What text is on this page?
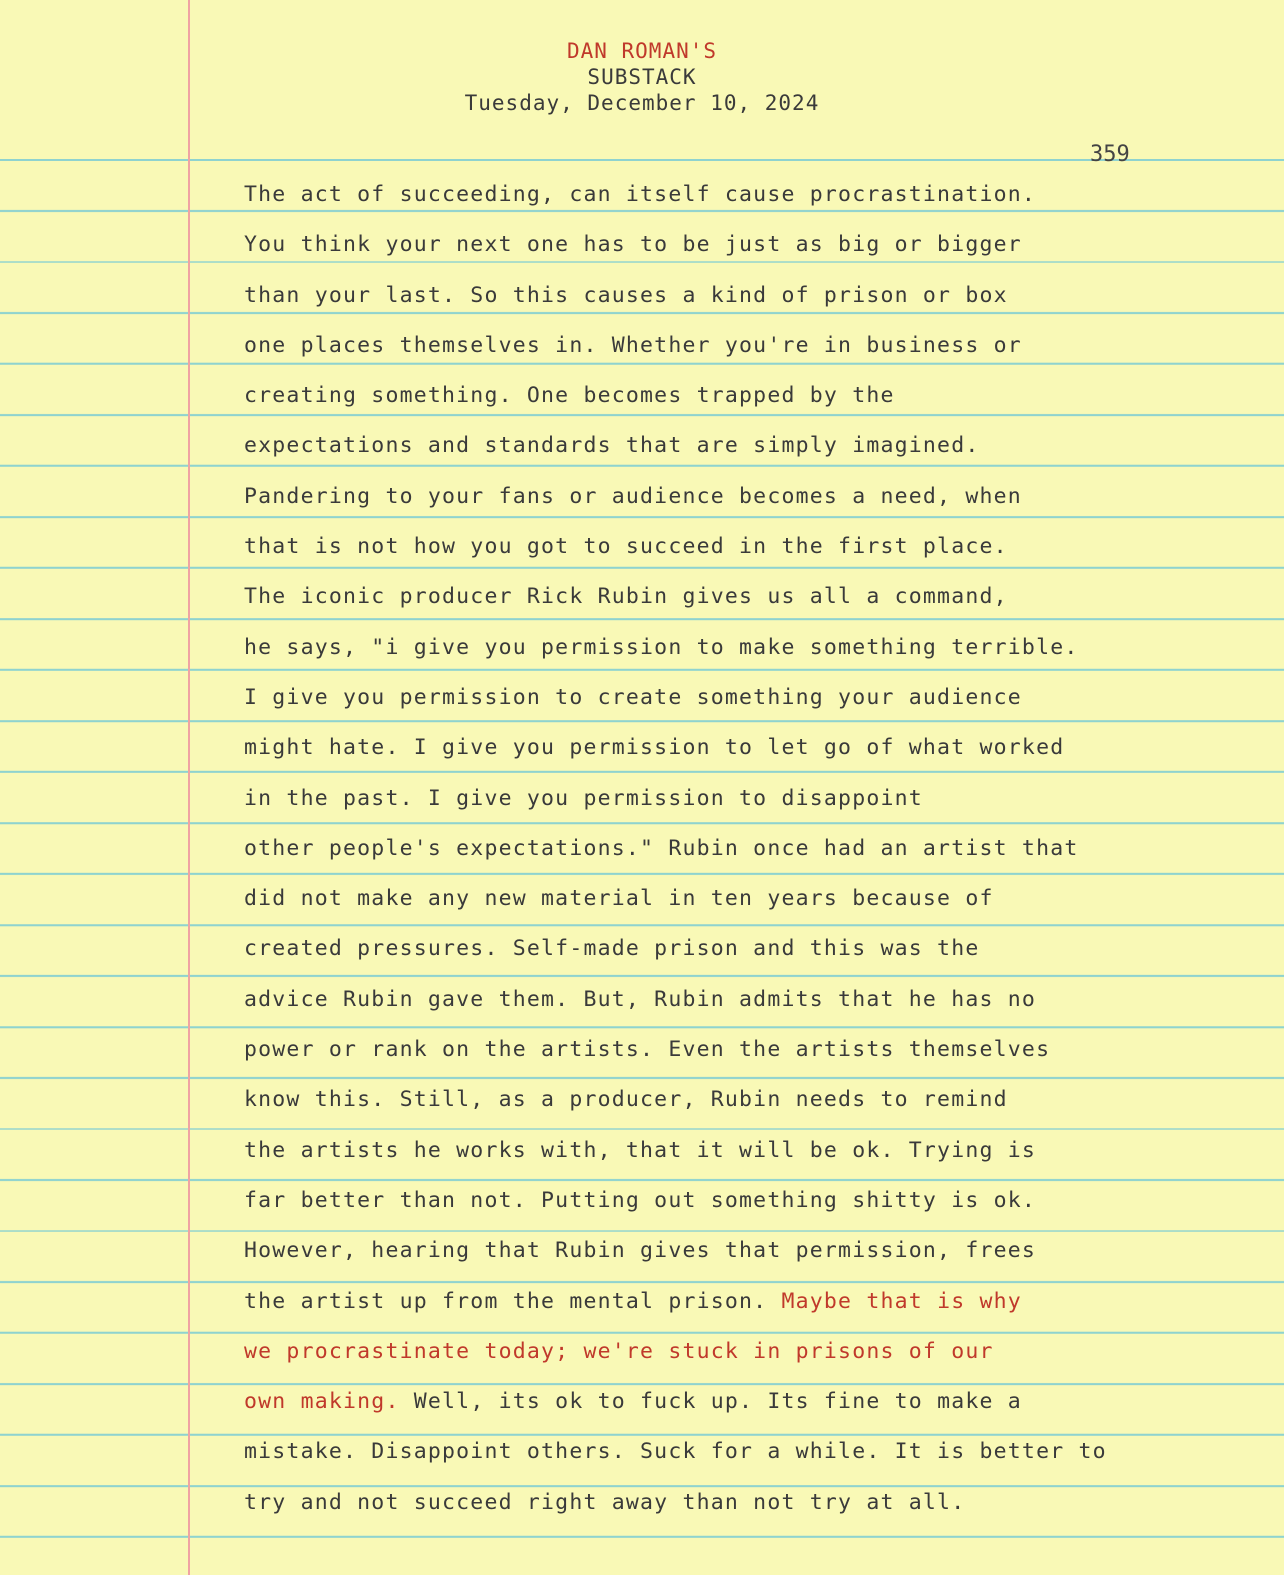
DAN ROMAN'S
SUBSTACK
Tuesday, December 10, 2024
359
The act of succeeding, can itself cause procrastination.
You think your next one has to be just as big or bigger
than your last. So this causes a kind of prison or box
one places themselves in. Whether you're in business or
creating something. One becomes trapped by the
expectations and standards that are simply imagined.
Pandering to your fans or audience becomes a need, when
that is not how you got to succeed in the first place.
The iconic producer Rick Rubin gives us all a command,
he says, "i give you permission to make something terrible.
I give you permission to create something your audience
might hate. I give you permission to let go of what worked
in the past. I give you permission to disappoint
other people's expectations." Rubin once had an artist that
did not make any new material in ten years because of
created pressures. Self-made prison and this was the
advice Rubin gave them. But, Rubin admits that he has no
power or rank on the artists. Even the artists themselves
know this. Still, as a producer, Rubin needs to remind
the artists he works with, that it will be ok. Trying is
far better than not. Putting out something shitty is ok.
However, hearing that Rubin gives that permission, frees
the artist up from the mental prison. Maybe that is why
we procrastinate today; we're stuck in prisons of our
own making. Well, its ok to fuck up. Its fine to make a
mistake. Disappoint others. Suck for a while. It is better to
try and not succeed right away than not try at all.
